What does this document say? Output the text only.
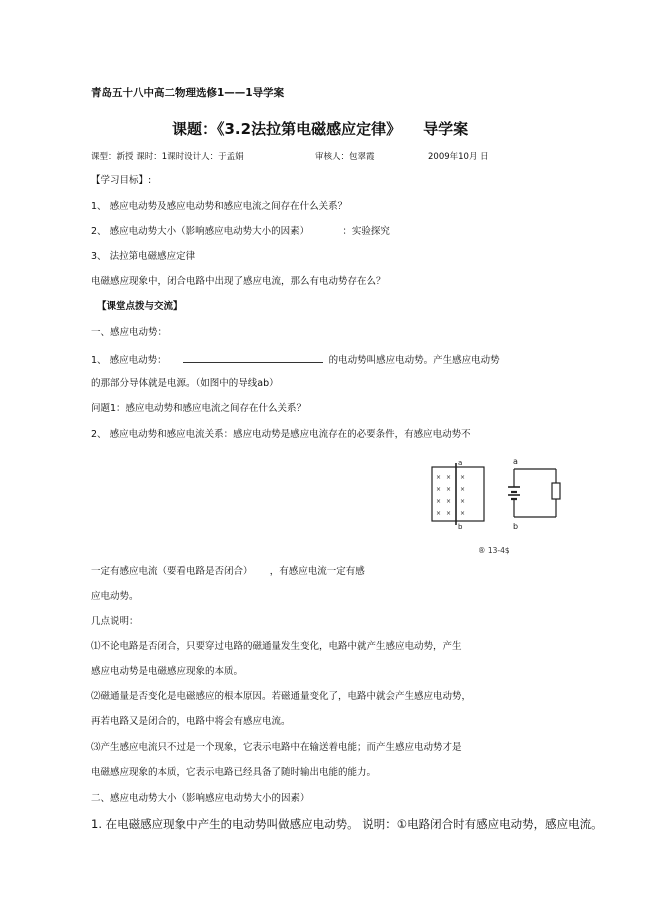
青岛五十八中高二物理选修1——1导学案
课题：《3.2法拉第电磁感应定律》 导学案
课型：新授 课时：1课时设计人：于孟娟	审核人：包翠霞	2009年10月 日
【学习目标】:
1、 感应电动势及感应电动势和感应电流之间存在什么关系？
2、 感应电动势大小（影响感应电动势大小的因素）	：实验探究
3、 法拉第电磁感应定律
电磁感应现象中，闭合电路中出现了感应电流，那么有电动势存在么？
【课堂点拨与交流】
一、感应电动势：
1、 感应电动势：	的电动势叫感应电动势。产生感应电动势
的那部分导体就是电源。（如图中的导线ab）
问题1：感应电动势和感应电流之间存在什么关系？
2、 感应电动势和感应电流关系：感应电动势是感应电流存在的必要条件，有感应电动势不
× × ×
× × ×
× × ×
× × ×
a
b
a
b
® 13-4$
一定有感应电流（要看电路是否闭合） ，有感应电流一定有感
应电动势。
几点说明：
⑴不论电路是否闭合，只要穿过电路的磁通量发生变化，电路中就产生感应电动势，产生
感应电动势是电磁感应现象的本质。
⑵磁通量是否变化是电磁感应的根本原因。若磁通量变化了，电路中就会产生感应电动势，
再若电路又是闭合的，电路中将会有感应电流。
⑶产生感应电流只不过是一个现象，它表示电路中在输送着电能；而产生感应电动势才是
电磁感应现象的本质，它表示电路已经具备了随时输出电能的能力。
二、感应电动势大小（影响感应电动势大小的因素）
1. 在电磁感应现象中产生的电动势叫做感应电动势。 说明：①电路闭合时有感应电动势，感应电流。
